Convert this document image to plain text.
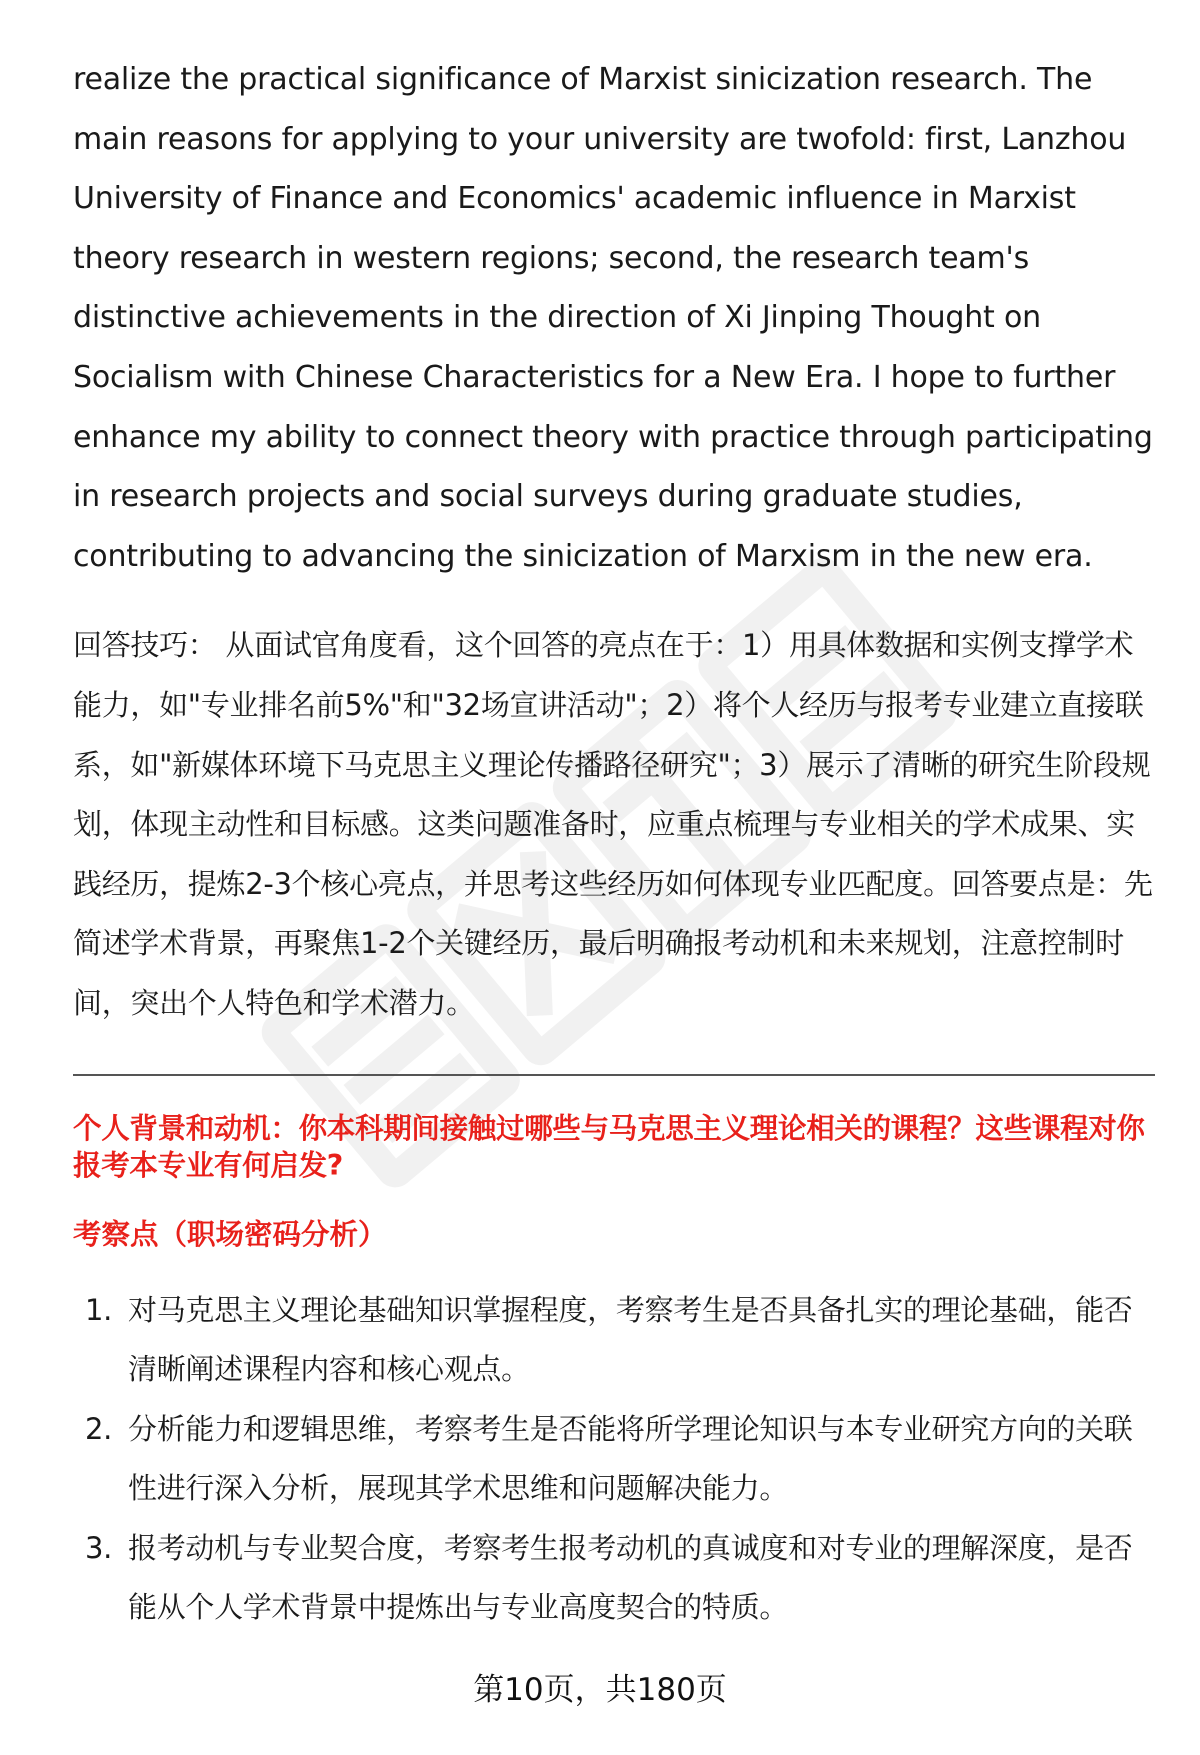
realize the practical significance of Marxist sinicization research. The main reasons for applying to your university are twofold: first, Lanzhou University of Finance and Economics' academic influence in Marxist theory research in western regions; second, the research team's distinctive achievements in the direction of Xi Jinping Thought on Socialism with Chinese Characteristics for a New Era. I hope to further enhance my ability to connect theory with practice through participating in research projects and social surveys during graduate studies, contributing to advancing the sinicization of Marxism in the new era.

回答技巧： 从面试官角度看，这个回答的亮点在于：1）用具体数据和实例支撑学术能力，如"专业排名前5%"和"32场宣讲活动"；2）将个人经历与报考专业建立直接联系，如"新媒体环境下马克思主义理论传播路径研究"；3）展示了清晰的研究生阶段规划，体现主动性和目标感。这类问题准备时，应重点梳理与专业相关的学术成果、实践经历，提炼2-3个核心亮点，并思考这些经历如何体现专业匹配度。回答要点是：先简述学术背景，再聚焦1-2个关键经历，最后明确报考动机和未来规划，注意控制时间，突出个人特色和学术潜力。

个人背景和动机：你本科期间接触过哪些与马克思主义理论相关的课程？这些课程对你报考本专业有何启发?

考察点（职场密码分析）

1. 对马克思主义理论基础知识掌握程度，考察考生是否具备扎实的理论基础，能否清晰阐述课程内容和核心观点。
2. 分析能力和逻辑思维，考察考生是否能将所学理论知识与本专业研究方向的关联性进行深入分析，展现其学术思维和问题解决能力。
3. 报考动机与专业契合度，考察考生报考动机的真诚度和对专业的理解深度，是否能从个人学术背景中提炼出与专业高度契合的特质。
第10页，共180页
